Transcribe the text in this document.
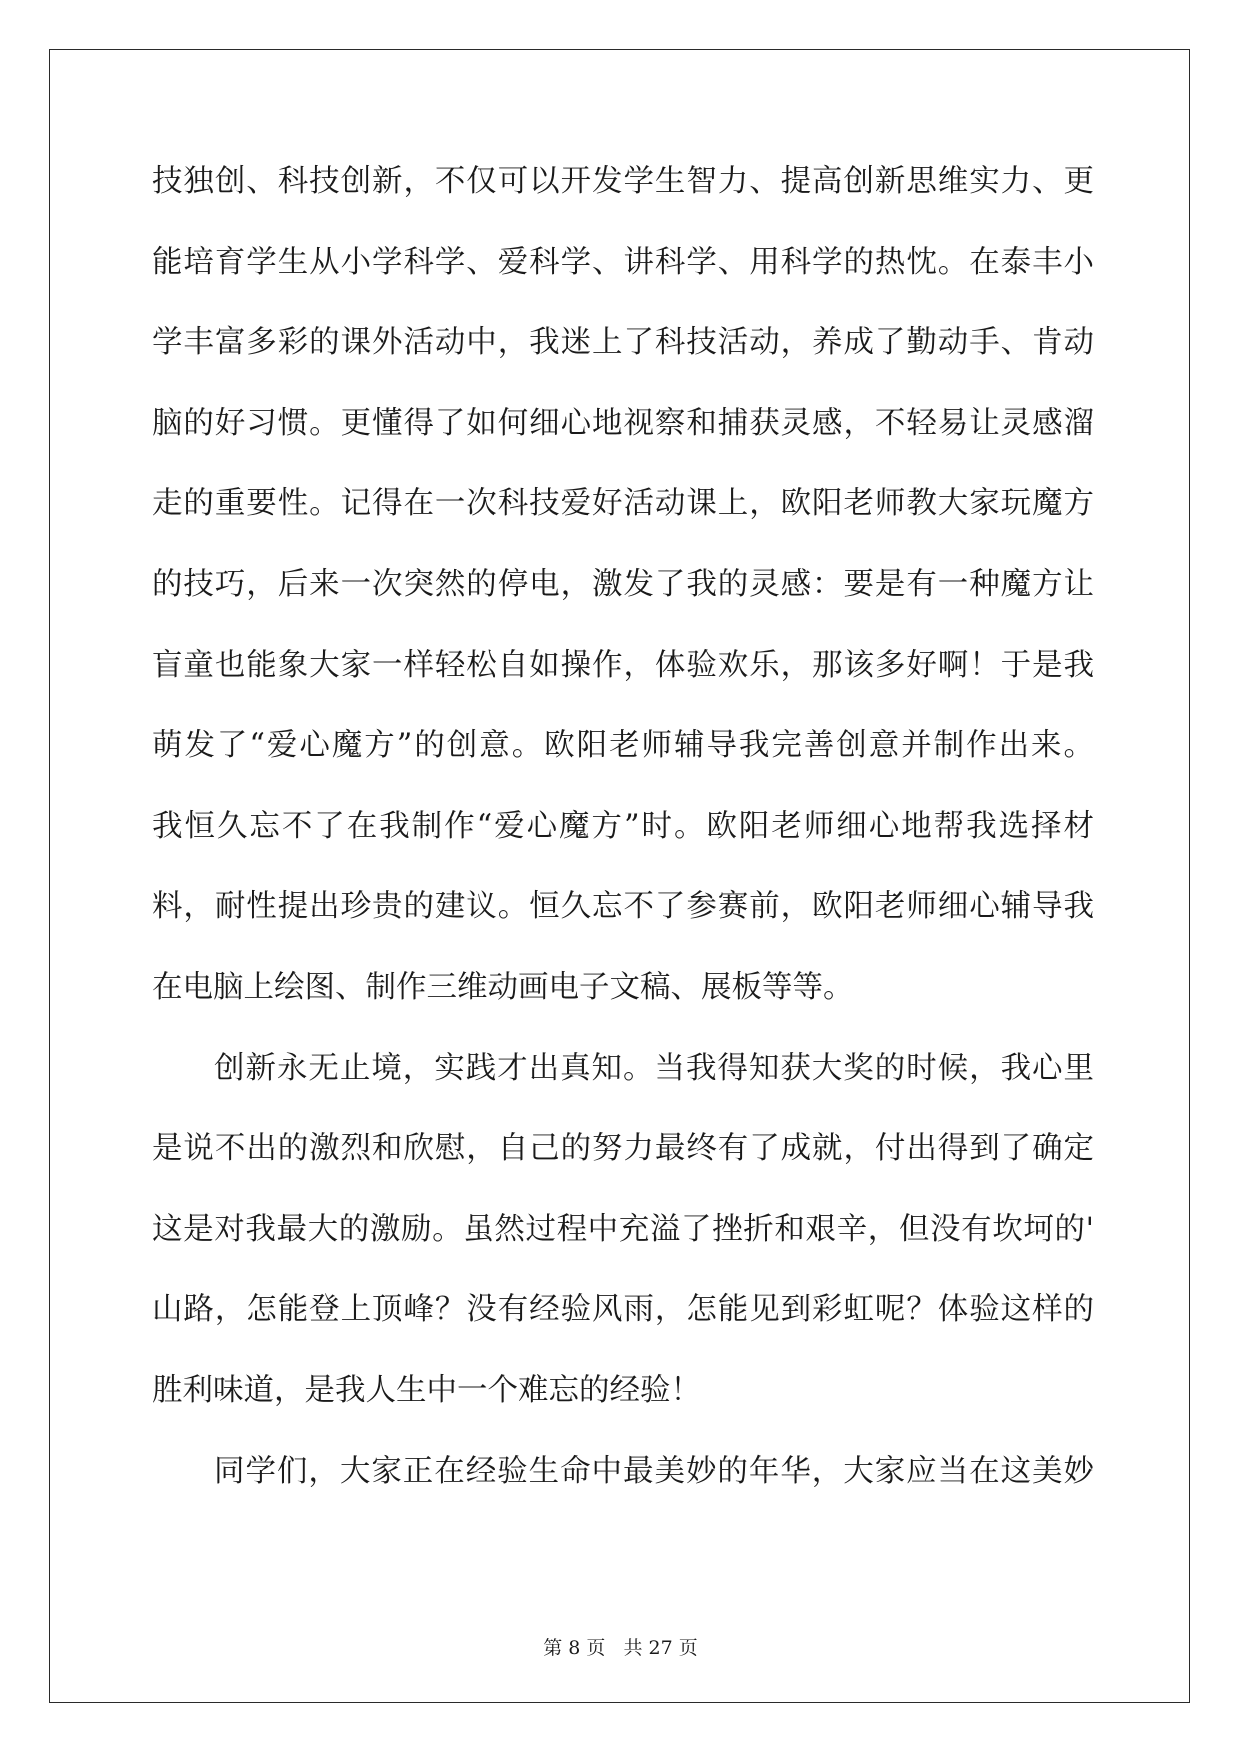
技独创、科技创新，不仅可以开发学生智力、提高创新思维实力、更
能培育学生从小学科学、爱科学、讲科学、用科学的热忱。在泰丰小
学丰富多彩的课外活动中，我迷上了科技活动，养成了勤动手、肯动
脑的好习惯。更懂得了如何细心地视察和捕获灵感，不轻易让灵感溜
走的重要性。记得在一次科技爱好活动课上，欧阳老师教大家玩魔方
的技巧，后来一次突然的停电，激发了我的灵感：要是有一种魔方让
盲童也能象大家一样轻松自如操作，体验欢乐，那该多好啊！于是我
萌发了“爱心魔方”的创意。欧阳老师辅导我完善创意并制作出来。
我恒久忘不了在我制作“爱心魔方”时。欧阳老师细心地帮我选择材
料，耐性提出珍贵的建议。恒久忘不了参赛前，欧阳老师细心辅导我
在电脑上绘图、制作三维动画电子文稿、展板等等。
创新永无止境，实践才出真知。当我得知获大奖的时候，我心里
是说不出的激烈和欣慰，自己的努力最终有了成就，付出得到了确定
这是对我最大的激励。虽然过程中充溢了挫折和艰辛，但没有坎坷的'
山路，怎能登上顶峰？没有经验风雨，怎能见到彩虹呢？体验这样的
胜利味道，是我人生中一个难忘的经验！
同学们，大家正在经验生命中最美妙的年华，大家应当在这美妙
第 8 页 共 27 页
